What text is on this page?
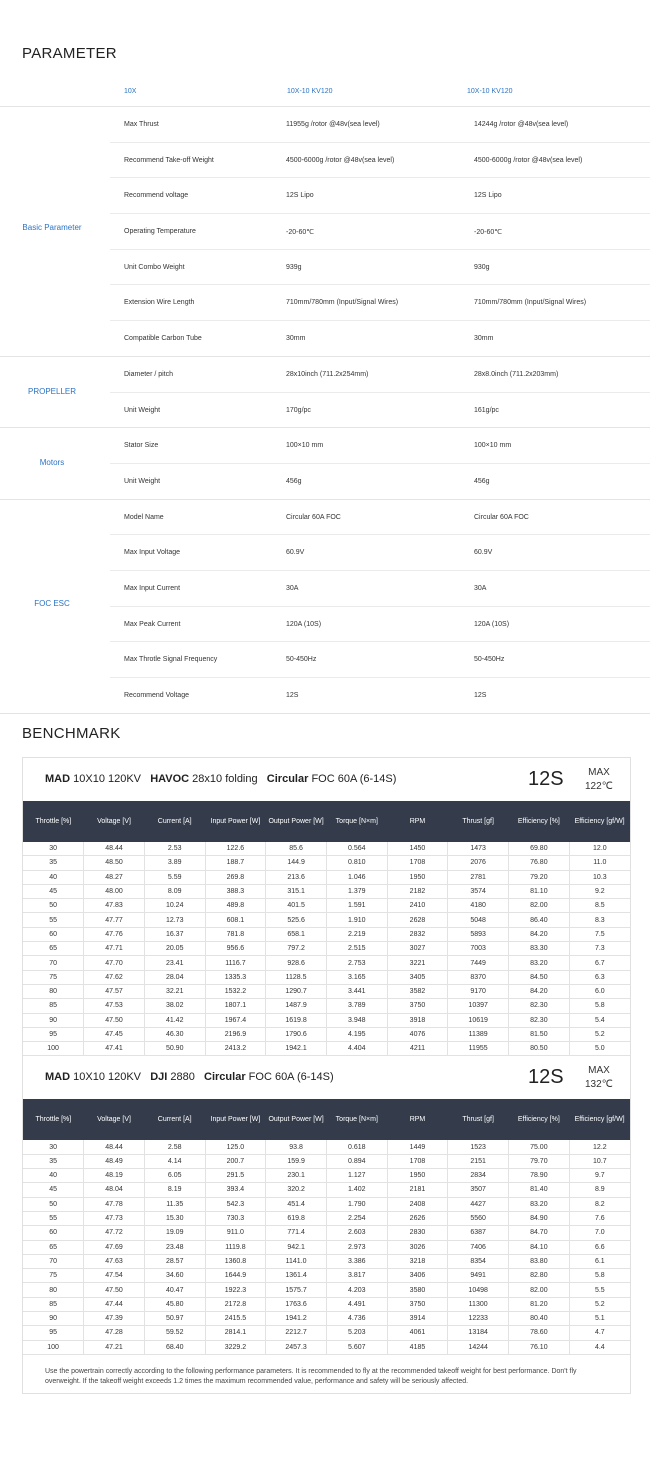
PARAMETER
10X	10X-10 KV120	10X-10 KV120
Basic Parameter
Max Thrust	11955g /rotor @48v(sea level)	14244g /rotor @48v(sea level)
Recommend Take-off Weight	4500-6000g /rotor @48v(sea level)	4500-6000g /rotor @48v(sea level)
Recommend voltage	12S Lipo	12S Lipo
Operating Temperature	-20-60℃	-20-60℃
Unit Combo Weight	939g	930g
Extension Wire Length	710mm/780mm (Input/Signal Wires)	710mm/780mm (Input/Signal Wires)
Compatible Carbon Tube	30mm	30mm
PROPELLER
Diameter / pitch	28x10inch (711.2x254mm)	28x8.0inch (711.2x203mm)
Unit Weight	170g/pc	161g/pc
Motors
Stator Size	100×10 mm	100×10 mm
Unit Weight	456g	456g
FOC ESC
Model Name	Circular 60A FOC	Circular 60A FOC
Max Input Voltage	60.9V	60.9V
Max Input Current	30A	30A
Max Peak Current	120A (10S)	120A (10S)
Max Throtle Signal Frequency	50-450Hz	50-450Hz
Recommend Voltage	12S	12S
BENCHMARK
MAD 10X10 120KV HAVOC 28x10 folding Circular FOC 60A (6-14S)	12S	MAX
122℃
Throttle [%]	Voltage [V]	Current [A]	Input Power [W]	Output Power [W]	Torque [N×m]	RPM	Thrust [gf]	Efficiency [%]	Efficiency [gf/W]
30	48.44	2.53	122.6	85.6	0.564	1450	1473	69.80	12.0
35	48.50	3.89	188.7	144.9	0.810	1708	2076	76.80	11.0
40	48.27	5.59	269.8	213.6	1.046	1950	2781	79.20	10.3
45	48.00	8.09	388.3	315.1	1.379	2182	3574	81.10	9.2
50	47.83	10.24	489.8	401.5	1.591	2410	4180	82.00	8.5
55	47.77	12.73	608.1	525.6	1.910	2628	5048	86.40	8.3
60	47.76	16.37	781.8	658.1	2.219	2832	5893	84.20	7.5
65	47.71	20.05	956.6	797.2	2.515	3027	7003	83.30	7.3
70	47.70	23.41	1116.7	928.6	2.753	3221	7449	83.20	6.7
75	47.62	28.04	1335.3	1128.5	3.165	3405	8370	84.50	6.3
80	47.57	32.21	1532.2	1290.7	3.441	3582	9170	84.20	6.0
85	47.53	38.02	1807.1	1487.9	3.789	3750	10397	82.30	5.8
90	47.50	41.42	1967.4	1619.8	3.948	3918	10619	82.30	5.4
95	47.45	46.30	2196.9	1790.6	4.195	4076	11389	81.50	5.2
100	47.41	50.90	2413.2	1942.1	4.404	4211	11955	80.50	5.0
MAD 10X10 120KV DJI 2880 Circular FOC 60A (6-14S)	12S	MAX
132℃
Throttle [%]	Voltage [V]	Current [A]	Input Power [W]	Output Power [W]	Torque [N×m]	RPM	Thrust [gf]	Efficiency [%]	Efficiency [gf/W]
30	48.44	2.58	125.0	93.8	0.618	1449	1523	75.00	12.2
35	48.49	4.14	200.7	159.9	0.894	1708	2151	79.70	10.7
40	48.19	6.05	291.5	230.1	1.127	1950	2834	78.90	9.7
45	48.04	8.19	393.4	320.2	1.402	2181	3507	81.40	8.9
50	47.78	11.35	542.3	451.4	1.790	2408	4427	83.20	8.2
55	47.73	15.30	730.3	619.8	2.254	2626	5560	84.90	7.6
60	47.72	19.09	911.0	771.4	2.603	2830	6387	84.70	7.0
65	47.69	23.48	1119.8	942.1	2.973	3026	7406	84.10	6.6
70	47.63	28.57	1360.8	1141.0	3.386	3218	8354	83.80	6.1
75	47.54	34.60	1644.9	1361.4	3.817	3406	9491	82.80	5.8
80	47.50	40.47	1922.3	1575.7	4.203	3580	10498	82.00	5.5
85	47.44	45.80	2172.8	1763.6	4.491	3750	11300	81.20	5.2
90	47.39	50.97	2415.5	1941.2	4.736	3914	12233	80.40	5.1
95	47.28	59.52	2814.1	2212.7	5.203	4061	13184	78.60	4.7
100	47.21	68.40	3229.2	2457.3	5.607	4185	14244	76.10	4.4
Use the powertrain correctly according to the following performance parameters. It is recommended to fly at the recommended takeoff weight for best performance. Don't fly overweight. If the takeoff weight exceeds 1.2 times the maximum recommended value, performance and safety will be seriously affected.
